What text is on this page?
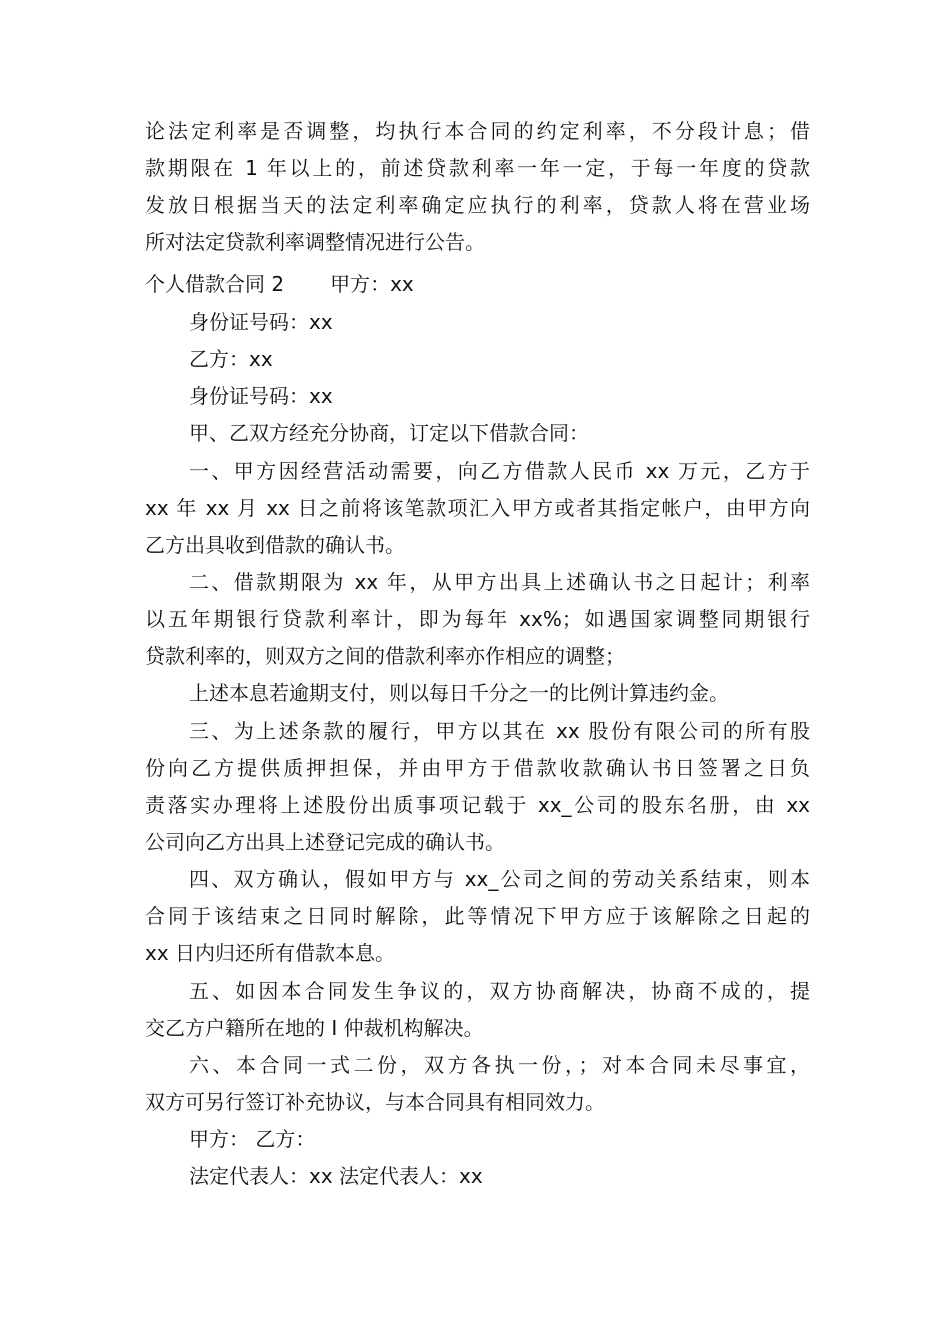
论法定利率是否调整，均执行本合同的约定利率，不分段计息；借
款期限在 1 年以上的，前述贷款利率一年一定，于每一年度的贷款
发放日根据当天的法定利率确定应执行的利率，贷款人将在营业场
所对法定贷款利率调整情况进行公告。
个人借款合同 2 甲方：xx
身份证号码：xx
乙方：xx
身份证号码：xx
甲、乙双方经充分协商，订定以下借款合同：
一、甲方因经营活动需要，向乙方借款人民币 xx 万元，乙方于
xx 年 xx 月 xx 日之前将该笔款项汇入甲方或者其指定帐户，由甲方向
乙方出具收到借款的确认书。
二、借款期限为 xx 年，从甲方出具上述确认书之日起计；利率
以五年期银行贷款利率计，即为每年 xx%；如遇国家调整同期银行
贷款利率的，则双方之间的借款利率亦作相应的调整；
上述本息若逾期支付，则以每日千分之一的比例计算违约金。
三、为上述条款的履行，甲方以其在 xx 股份有限公司的所有股
份向乙方提供质押担保，并由甲方于借款收款确认书日签署之日负
责落实办理将上述股份出质事项记载于 xx_公司的股东名册，由 xx
公司向乙方出具上述登记完成的确认书。
四、双方确认，假如甲方与 xx_公司之间的劳动关系结束，则本
合同于该结束之日同时解除，此等情况下甲方应于该解除之日起的
xx 日内归还所有借款本息。
五、如因本合同发生争议的，双方协商解决，协商不成的，提
交乙方户籍所在地的 I 仲裁机构解决。
六、本合同一式二份，双方各执一份，；对本合同未尽事宜，
双方可另行签订补充协议，与本合同具有相同效力。
甲方： 乙方：
法定代表人：xx 法定代表人：xx
